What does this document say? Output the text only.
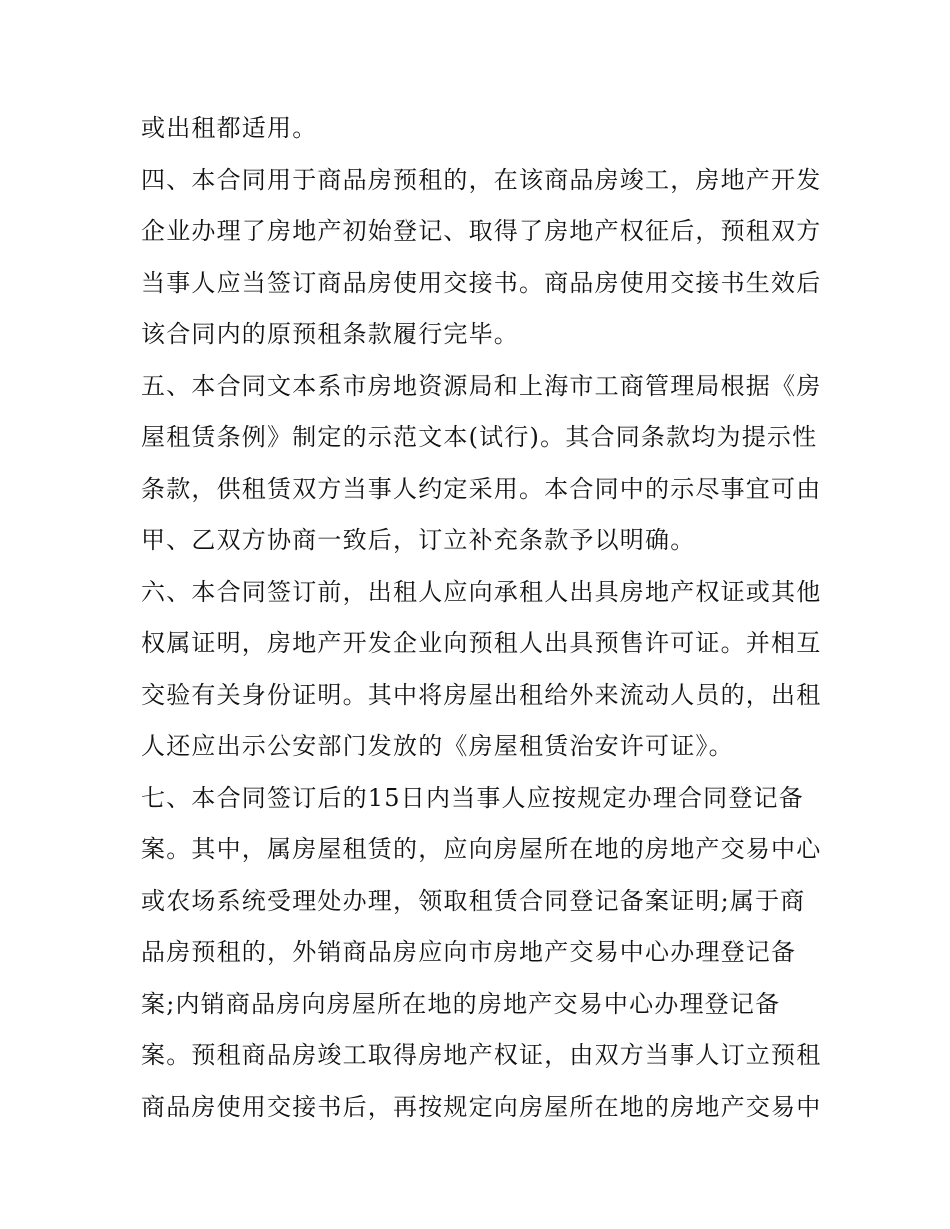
或出租都适用。
四、本合同用于商品房预租的，在该商品房竣工，房地产开发
企业办理了房地产初始登记、取得了房地产权征后，预租双方
当事人应当签订商品房使用交接书。商品房使用交接书生效后
该合同内的原预租条款履行完毕。
五、本合同文本系市房地资源局和上海市工商管理局根据《房
屋租赁条例》制定的示范文本(试行)。其合同条款均为提示性
条款，供租赁双方当事人约定采用。本合同中的示尽事宜可由
甲、乙双方协商一致后，订立补充条款予以明确。
六、本合同签订前，出租人应向承租人出具房地产权证或其他
权属证明，房地产开发企业向预租人出具预售许可证。并相互
交验有关身份证明。其中将房屋出租给外来流动人员的，出租
人还应出示公安部门发放的《房屋租赁治安许可证》。
七、本合同签订后的15日内当事人应按规定办理合同登记备
案。其中，属房屋租赁的，应向房屋所在地的房地产交易中心
或农场系统受理处办理，领取租赁合同登记备案证明;属于商
品房预租的，外销商品房应向市房地产交易中心办理登记备
案;内销商品房向房屋所在地的房地产交易中心办理登记备
案。预租商品房竣工取得房地产权证，由双方当事人订立预租
商品房使用交接书后，再按规定向房屋所在地的房地产交易中
